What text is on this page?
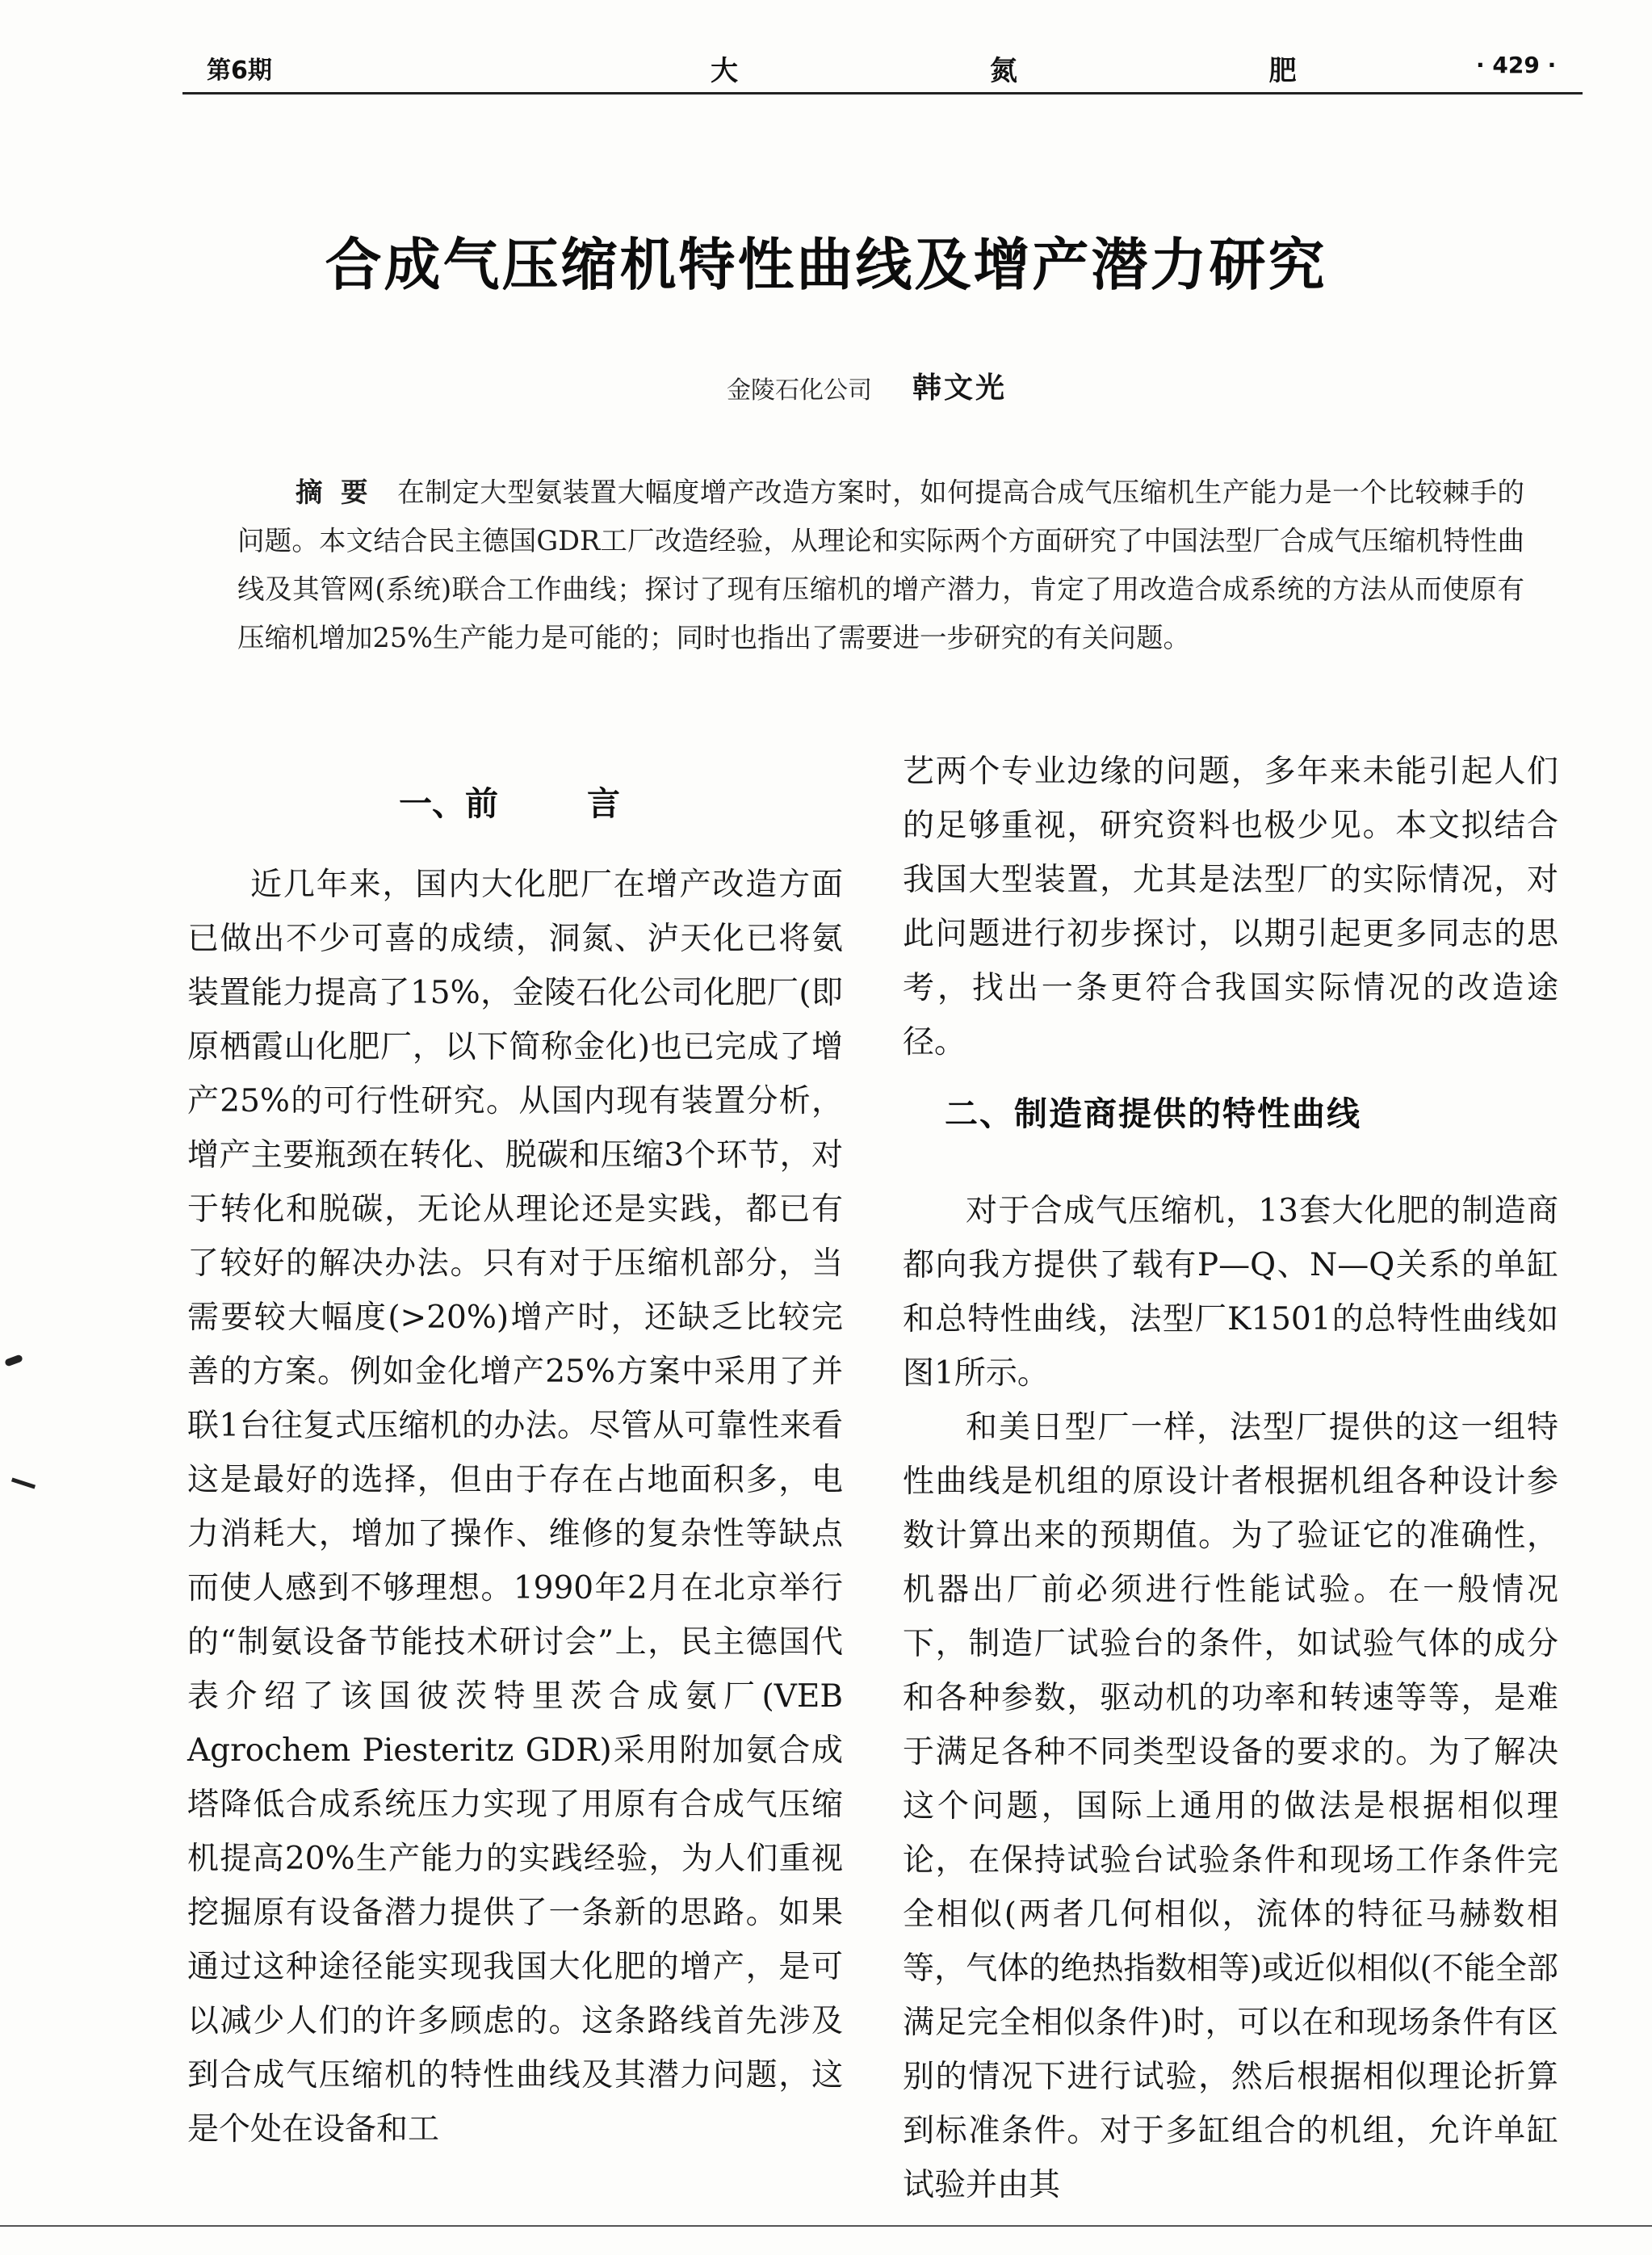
第6期	大 氮 肥	· 429 ·
合成气压缩机特性曲线及增产潜力研究
金陵石化公司 韩文光
摘要 在制定大型氨装置大幅度增产改造方案时，如何提高合成气压缩机生产能力是一个比较棘手的问题。本文结合民主德国GDR工厂改造经验，从理论和实际两个方面研究了中国法型厂合成气压缩机特性曲线及其管网(系统)联合工作曲线；探讨了现有压缩机的增产潜力，肯定了用改造合成系统的方法从而使原有压缩机增加25%生产能力是可能的；同时也指出了需要进一步研究的有关问题。
一、前	言

近几年来，国内大化肥厂在增产改造方面已做出不少可喜的成绩，洞氮、泸天化已将氨装置能力提高了15%，金陵石化公司化肥厂(即原栖霞山化肥厂，以下简称金化)也已完成了增产25%的可行性研究。从国内现有装置分析，增产主要瓶颈在转化、脱碳和压缩3个环节，对于转化和脱碳，无论从理论还是实践，都已有了较好的解决办法。只有对于压缩机部分，当需要较大幅度(>20%)增产时，还缺乏比较完善的方案。例如金化增产25%方案中采用了并联1台往复式压缩机的办法。尽管从可靠性来看这是最好的选择，但由于存在占地面积多，电力消耗大，增加了操作、维修的复杂性等缺点而使人感到不够理想。1990年2月在北京举行的“制氨设备节能技术研讨会”上，民主德国代表介绍了该国彼茨特里茨合成氨厂(VEB Agrochem Piesteritz GDR)采用附加氨合成塔降低合成系统压力实现了用原有合成气压缩机提高20%生产能力的实践经验，为人们重视挖掘原有设备潜力提供了一条新的思路。如果通过这种途径能实现我国大化肥的增产，是可以减少人们的许多顾虑的。这条路线首先涉及到合成气压缩机的特性曲线及其潜力问题，这是个处在设备和工

艺两个专业边缘的问题，多年来未能引起人们的足够重视，研究资料也极少见。本文拟结合我国大型装置，尤其是法型厂的实际情况，对此问题进行初步探讨，以期引起更多同志的思考，找出一条更符合我国实际情况的改造途径。

对于合成气压缩机，13套大化肥的制造商都向我方提供了载有P—Q、N—Q关系的单缸和总特性曲线，法型厂K1501的总特性曲线如图1所示。

和美日型厂一样，法型厂提供的这一组特性曲线是机组的原设计者根据机组各种设计参数计算出来的预期值。为了验证它的准确性，机器出厂前必须进行性能试验。在一般情况下，制造厂试验台的条件，如试验气体的成分和各种参数，驱动机的功率和转速等等，是难于满足各种不同类型设备的要求的。为了解决这个问题，国际上通用的做法是根据相似理论，在保持试验台试验条件和现场工作条件完全相似(两者几何相似，流体的特征马赫数相等，气体的绝热指数相等)或近似相似(不能全部满足完全相似条件)时，可以在和现场条件有区别的情况下进行试验，然后根据相似理论折算到标准条件。对于多缸组合的机组，允许单缸试验并由其

二、制造商提供的特性曲线
